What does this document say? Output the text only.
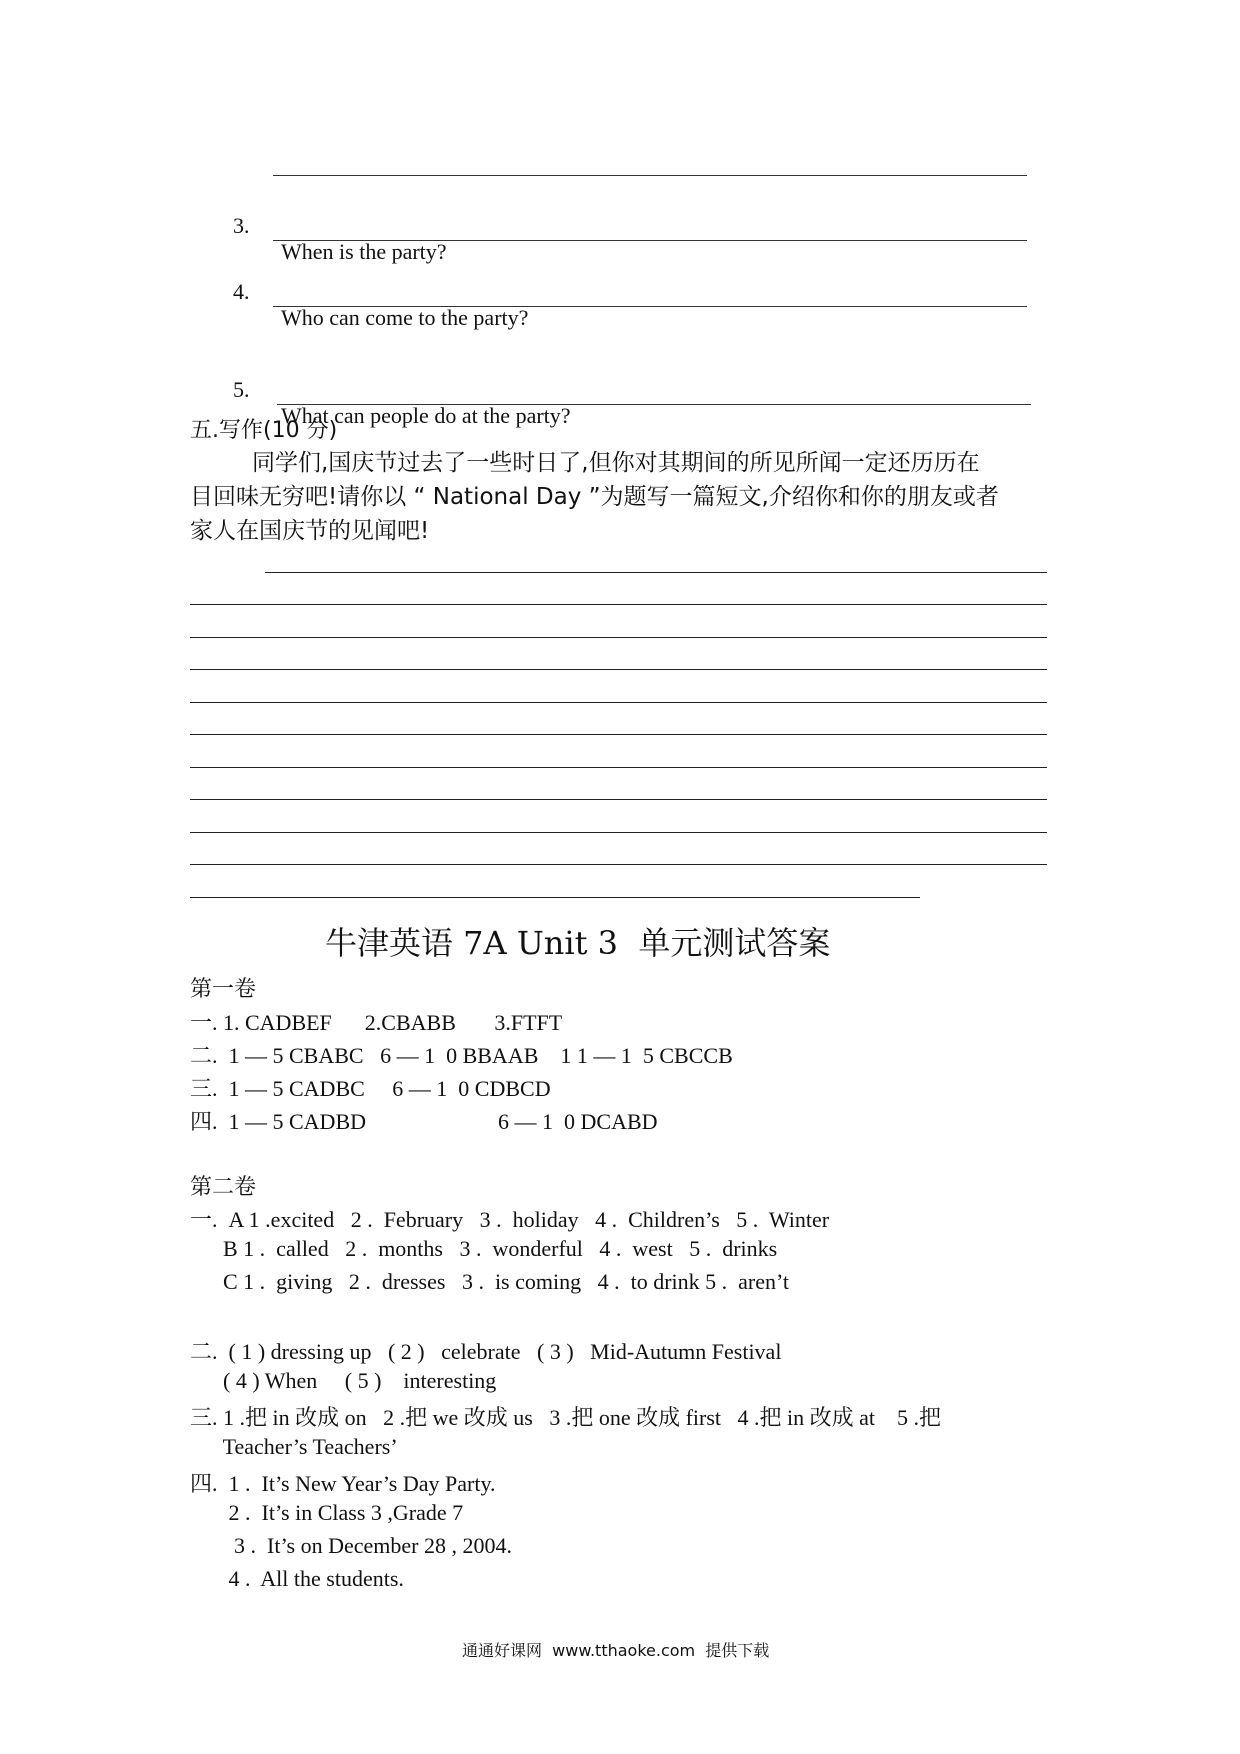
3.

When is the party?

4.

Who can come to the party?

5.

What can people do at the party?

五.写作(10 分)
同学们,国庆节过去了一些时日了,但你对其期间的所见所闻一定还历历在
目回味无穷吧!请你以 “ National Day ”为题写一篇短文,介绍你和你的朋友或者
家人在国庆节的见闻吧!
牛津英语 7A Unit 3  单元测试答案
第一卷
一. 1. CADBEF      2.CBABB       3.FTFT
二.  1 — 5 CBABC   6 — 1  0 BBAAB    1 1 — 1  5 CBCCB
三.  1 — 5 CADBC     6 — 1  0 CDBCD
四.  1 — 5 CADBD                        6 — 1  0 DCABD
第二卷
一.  A 1 .excited   2 .  February   3 .  holiday   4 .  Children’s   5 .  Winter
B 1 .  called   2 .  months   3 .  wonderful   4 .  west   5 .  drinks
C 1 .  giving   2 .  dresses   3 .  is coming   4 .  to drink 5 .  aren’t
二.  ( 1 ) dressing up   ( 2 )   celebrate   ( 3 )   Mid-Autumn Festival
( 4 ) When     ( 5 )    interesting
三. 1 .把 in 改成 on   2 .把 we 改成 us   3 .把 one 改成 first   4 .把 in 改成 at    5 .把
Teacher’s Teachers’
四.  1 .  It’s New Year’s Day Party.
2 .  It’s in Class 3 ,Grade 7
3 .  It’s on December 28 , 2004.
4 .  All the students.
通通好课网  www.tthaoke.com  提供下载
